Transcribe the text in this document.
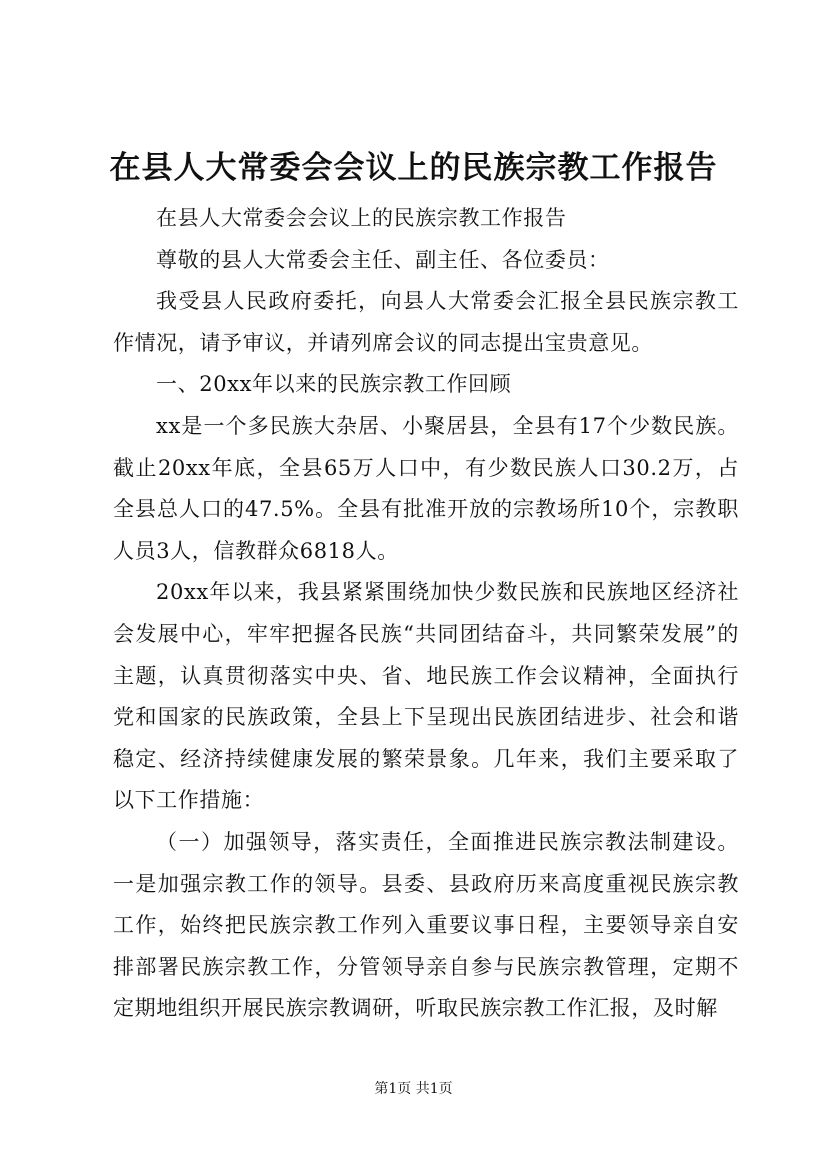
在县人大常委会会议上的民族宗教工作报告

在县人大常委会会议上的民族宗教工作报告

尊敬的县人大常委会主任、副主任、各位委员：

我受县人民政府委托，向县人大常委会汇报全县民族宗教工作情况，请予审议，并请列席会议的同志提出宝贵意见。

一、20xx年以来的民族宗教工作回顾

xx是一个多民族大杂居、小聚居县，全县有17个少数民族。截止20xx年底，全县65万人口中，有少数民族人口30.2万，占全县总人口的47.5%。全县有批准开放的宗教场所10个，宗教职人员3人，信教群众6818人。

20xx年以来，我县紧紧围绕加快少数民族和民族地区经济社会发展中心，牢牢把握各民族“共同团结奋斗，共同繁荣发展”的主题，认真贯彻落实中央、省、地民族工作会议精神，全面执行党和国家的民族政策，全县上下呈现出民族团结进步、社会和谐稳定、经济持续健康发展的繁荣景象。几年来，我们主要采取了以下工作措施：

（一）加强领导，落实责任，全面推进民族宗教法制建设。一是加强宗教工作的领导。县委、县政府历来高度重视民族宗教工作，始终把民族宗教工作列入重要议事日程，主要领导亲自安排部署民族宗教工作，分管领导亲自参与民族宗教管理，定期不定期地组织开展民族宗教调研，听取民族宗教工作汇报，及时解

第1页 共1页
